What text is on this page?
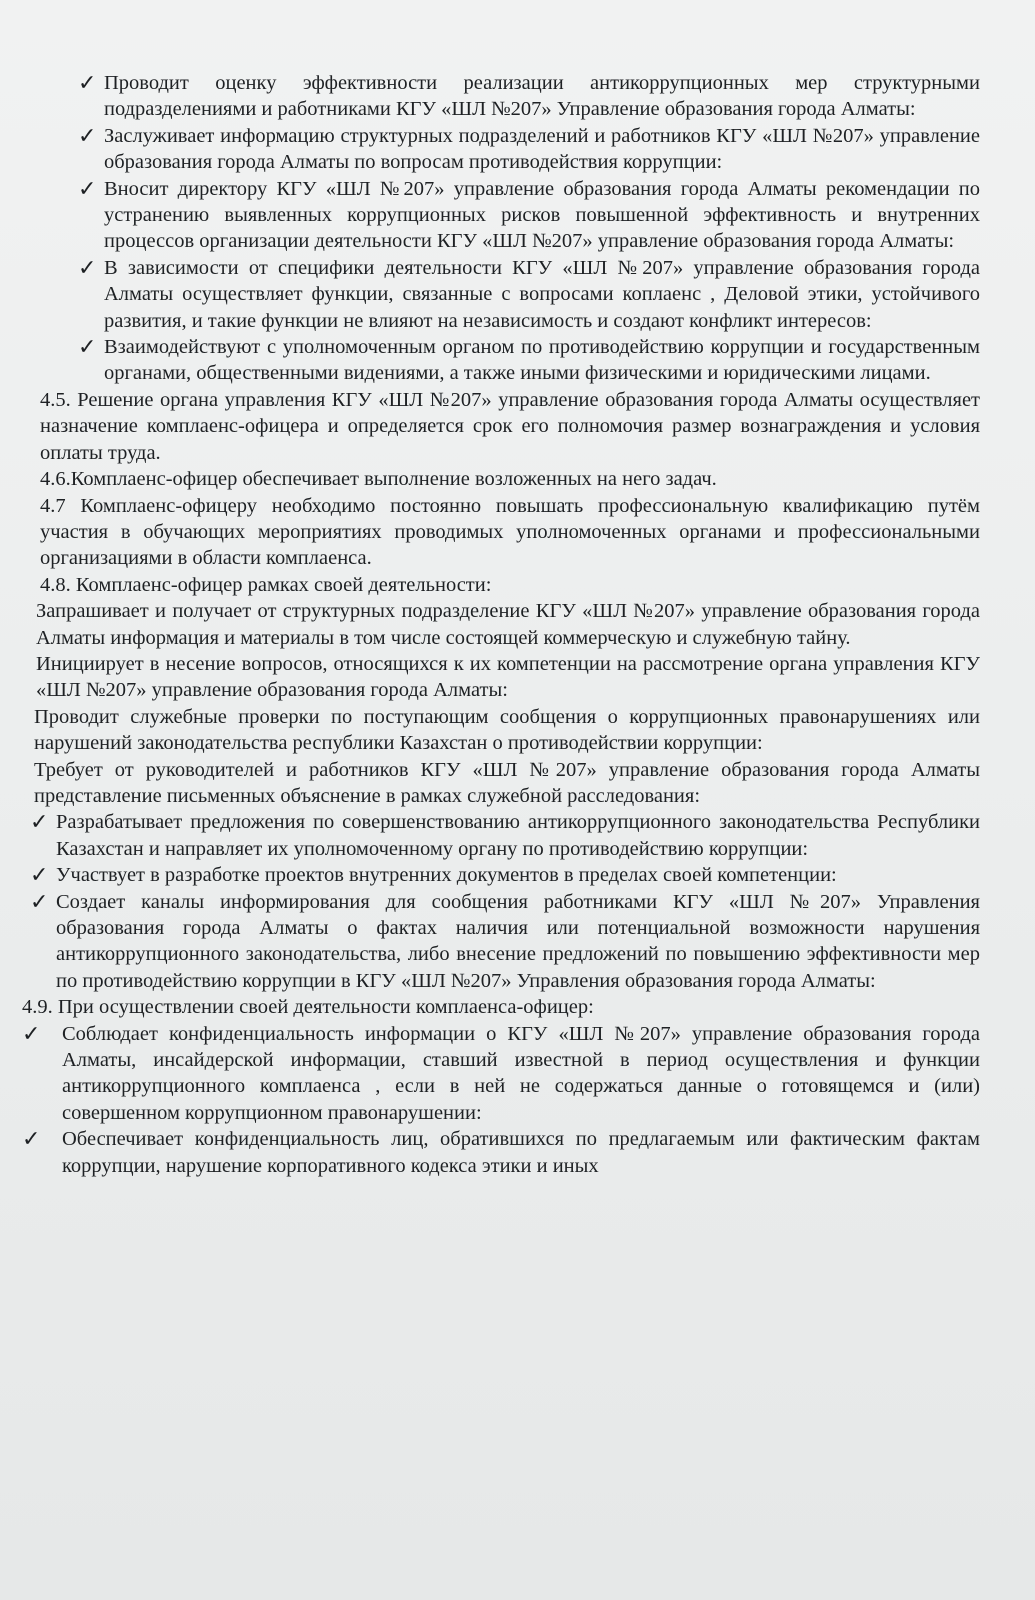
✓ Проводит оценку эффективности реализации антикоррупционных мер структурными подразделениями и работниками КГУ «ШЛ №207» Управление образования города Алматы:

✓ Заслуживает информацию структурных подразделений и работников КГУ «ШЛ №207» управление образования города Алматы по вопросам противодействия коррупции:

✓ Вносит директору КГУ «ШЛ №207» управление образования города Алматы рекомендации по устранению выявленных коррупционных рисков повышенной эффективность и внутренних процессов организации деятельности КГУ «ШЛ №207» управление образования города Алматы:

✓ В зависимости от специфики деятельности КГУ «ШЛ №207» управление образования города Алматы осуществляет функции, связанные с вопросами коплаенс , Деловой этики, устойчивого развития, и такие функции не влияют на независимость и создают конфликт интересов:

✓ Взаимодействуют с уполномоченным органом по противодействию коррупции и государственным органами, общественными видениями, а также иными физическими и юридическими лицами.

4.5. Решение органа управления КГУ «ШЛ №207» управление образования города Алматы осуществляет назначение комплаенс-офицера и определяется срок его полномочия размер вознаграждения и условия оплаты труда.

4.6.Комплаенс-офицер обеспечивает выполнение возложенных на него задач.

4.7 Комплаенс-офицеру необходимо постоянно повышать профессиональную квалификацию путём участия в обучающих мероприятиях проводимых уполномоченных органами и профессиональными организациями в области комплаенса.

4.8. Комплаенс-офицер рамках своей деятельности:

Запрашивает и получает от структурных подразделение КГУ «ШЛ №207» управление образования города Алматы информация и материалы в том числе состоящей коммерческую и служебную тайну.

Инициирует в несение вопросов, относящихся к их компетенции на рассмотрение органа управления КГУ «ШЛ №207» управление образования города Алматы:

Проводит служебные проверки по поступающим сообщения о коррупционных правонарушениях или нарушений законодательства республики Казахстан о противодействии коррупции:

Требует от руководителей и работников КГУ «ШЛ №207» управление образования города Алматы представление письменных объяснение в рамках служебной расследования:

✓ Разрабатывает предложения по совершенствованию антикоррупционного законодательства Республики Казахстан и направляет их уполномоченному органу по противодействию коррупции:

✓ Участвует в разработке проектов внутренних документов в пределах своей компетенции:

✓ Создает каналы информирования для сообщения работниками КГУ «ШЛ №207» Управления образования города Алматы о фактах наличия или потенциальной возможности нарушения антикоррупционного законодательства, либо внесение предложений по повышению эффективности мер по противодействию коррупции в КГУ «ШЛ №207» Управления образования города Алматы:

4.9. При осуществлении своей деятельности комплаенса-офицер:

✓ Соблюдает конфиденциальность информации о КГУ «ШЛ №207» управление образования города Алматы, инсайдерской информации, ставший известной в период осуществления и функции антикоррупционного комплаенса , если в ней не содержаться данные о готовящемся и (или) совершенном коррупционном правонарушении:

✓ Обеспечивает конфиденциальность лиц, обратившихся по предлагаемым или фактическим фактам коррупции, нарушение корпоративного кодекса этики и иных
